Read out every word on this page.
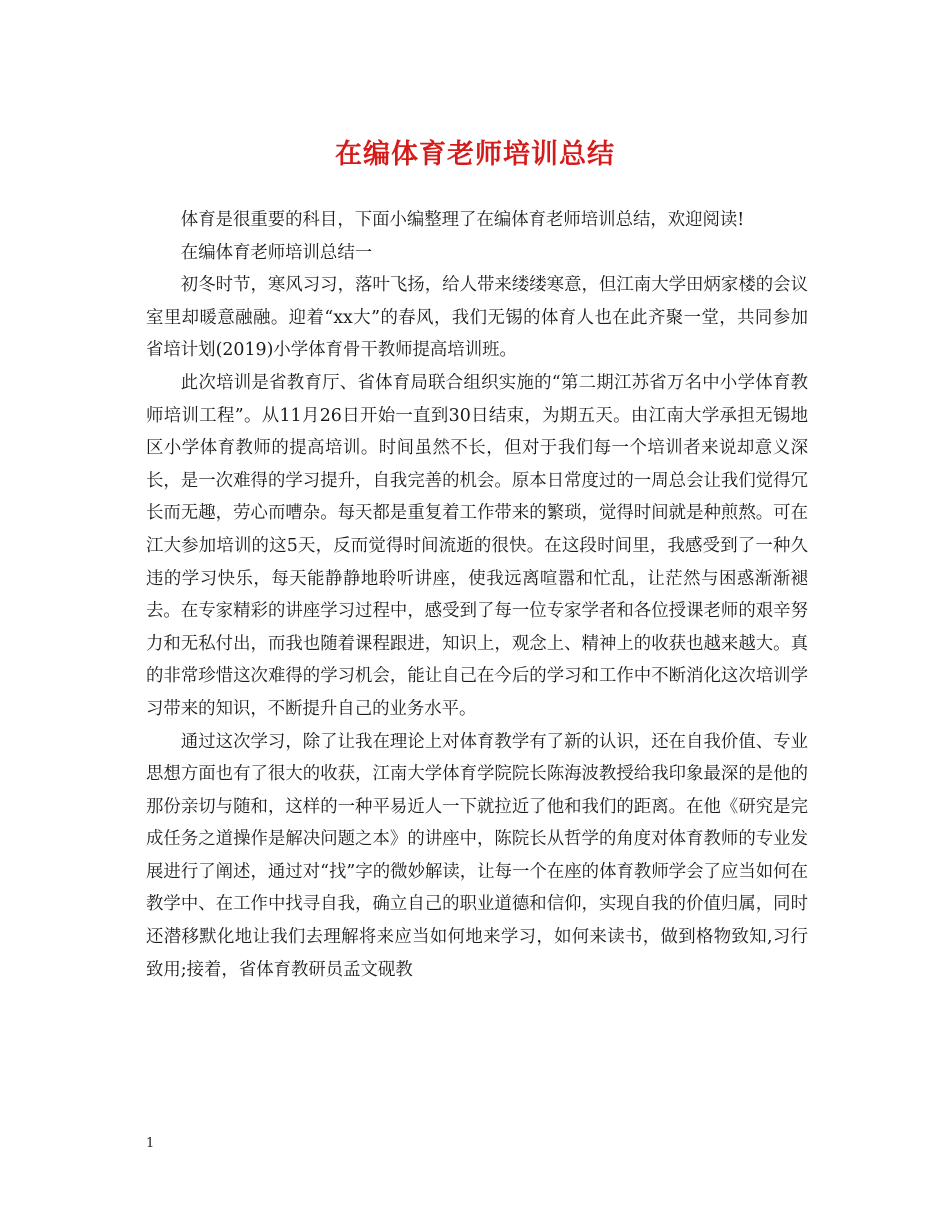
在编体育老师培训总结

体育是很重要的科目，下面小编整理了在编体育老师培训总结，欢迎阅读!

在编体育老师培训总结一

初冬时节，寒风习习，落叶飞扬，给人带来缕缕寒意，但江南大学田炳家楼的会议室里却暖意融融。迎着“xx大”的春风，我们无锡的体育人也在此齐聚一堂，共同参加省培计划(2019)小学体育骨干教师提高培训班。

此次培训是省教育厅、省体育局联合组织实施的“第二期江苏省万名中小学体育教师培训工程”。从11月26日开始一直到30日结束，为期五天。由江南大学承担无锡地区小学体育教师的提高培训。时间虽然不长，但对于我们每一个培训者来说却意义深长，是一次难得的学习提升，自我完善的机会。原本日常度过的一周总会让我们觉得冗长而无趣，劳心而嘈杂。每天都是重复着工作带来的繁琐，觉得时间就是种煎熬。可在江大参加培训的这5天，反而觉得时间流逝的很快。在这段时间里，我感受到了一种久违的学习快乐，每天能静静地聆听讲座，使我远离喧嚣和忙乱，让茫然与困惑渐渐褪去。在专家精彩的讲座学习过程中，感受到了每一位专家学者和各位授课老师的艰辛努力和无私付出，而我也随着课程跟进，知识上，观念上、精神上的收获也越来越大。真的非常珍惜这次难得的学习机会，能让自己在今后的学习和工作中不断消化这次培训学习带来的知识，不断提升自己的业务水平。

通过这次学习，除了让我在理论上对体育教学有了新的认识，还在自我价值、专业思想方面也有了很大的收获，江南大学体育学院院长陈海波教授给我印象最深的是他的那份亲切与随和，这样的一种平易近人一下就拉近了他和我们的距离。在他《研究是完成任务之道操作是解决问题之本》的讲座中，陈院长从哲学的角度对体育教师的专业发展进行了阐述，通过对“找”字的微妙解读，让每一个在座的体育教师学会了应当如何在教学中、在工作中找寻自我，确立自己的职业道德和信仰，实现自我的价值归属，同时还潜移默化地让我们去理解将来应当如何地来学习，如何来读书，做到格物致知,习行致用;接着，省体育教研员孟文砚教

1
